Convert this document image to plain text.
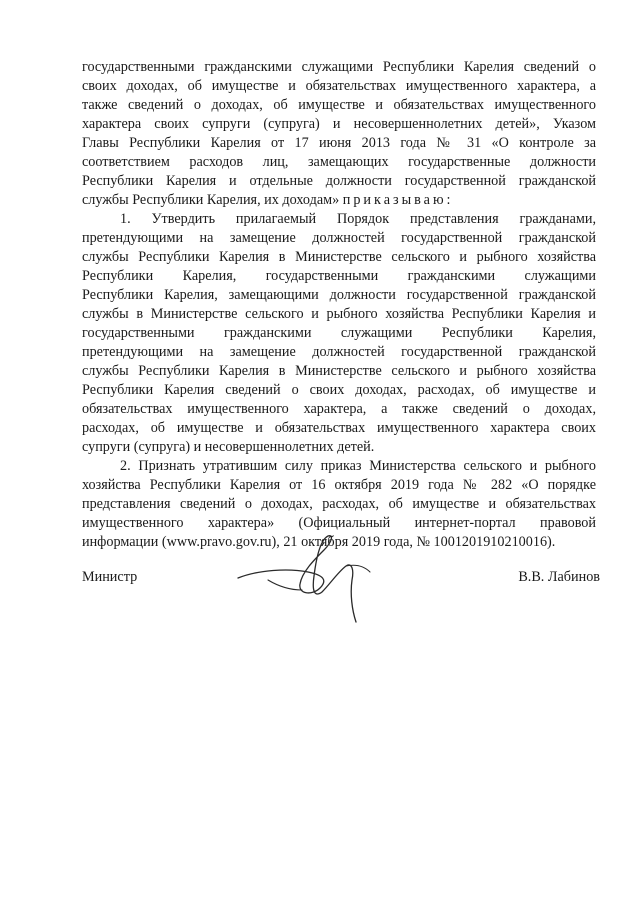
государственными гражданскими служащими Республики Карелия сведений о
своих доходах, об имуществе и обязательствах имущественного характера, а
также сведений о доходах, об имуществе и обязательствах имущественного
характера своих супруги (супруга) и несовершеннолетних детей», Указом
Главы Республики Карелия от 17 июня 2013 года № 31 «О контроле за
соответствием расходов лиц, замещающих государственные должности
Республики Карелия и отдельные должности государственной гражданской
службы Республики Карелия, их доходам» приказываю:
1. Утвердить прилагаемый Порядок представления гражданами,
претендующими на замещение должностей государственной гражданской
службы Республики Карелия в Министерстве сельского и рыбного хозяйства
Республики Карелия, государственными гражданскими служащими
Республики Карелия, замещающими должности государственной гражданской
службы в Министерстве сельского и рыбного хозяйства Республики Карелия и
государственными гражданскими служащими Республики Карелия,
претендующими на замещение должностей государственной гражданской
службы Республики Карелия в Министерстве сельского и рыбного хозяйства
Республики Карелия сведений о своих доходах, расходах, об имуществе и
обязательствах имущественного характера, а также сведений о доходах,
расходах, об имуществе и обязательствах имущественного характера своих
супруги (супруга) и несовершеннолетних детей.
2. Признать утратившим силу приказ Министерства сельского и рыбного
хозяйства Республики Карелия от 16 октября 2019 года № 282 «О порядке
представления сведений о доходах, расходах, об имуществе и обязательствах
имущественного характера» (Официальный интернет-портал правовой
информации (www.pravo.gov.ru), 21 октября 2019 года, № 1001201910210016).
Министр	В.В. Лабинов
